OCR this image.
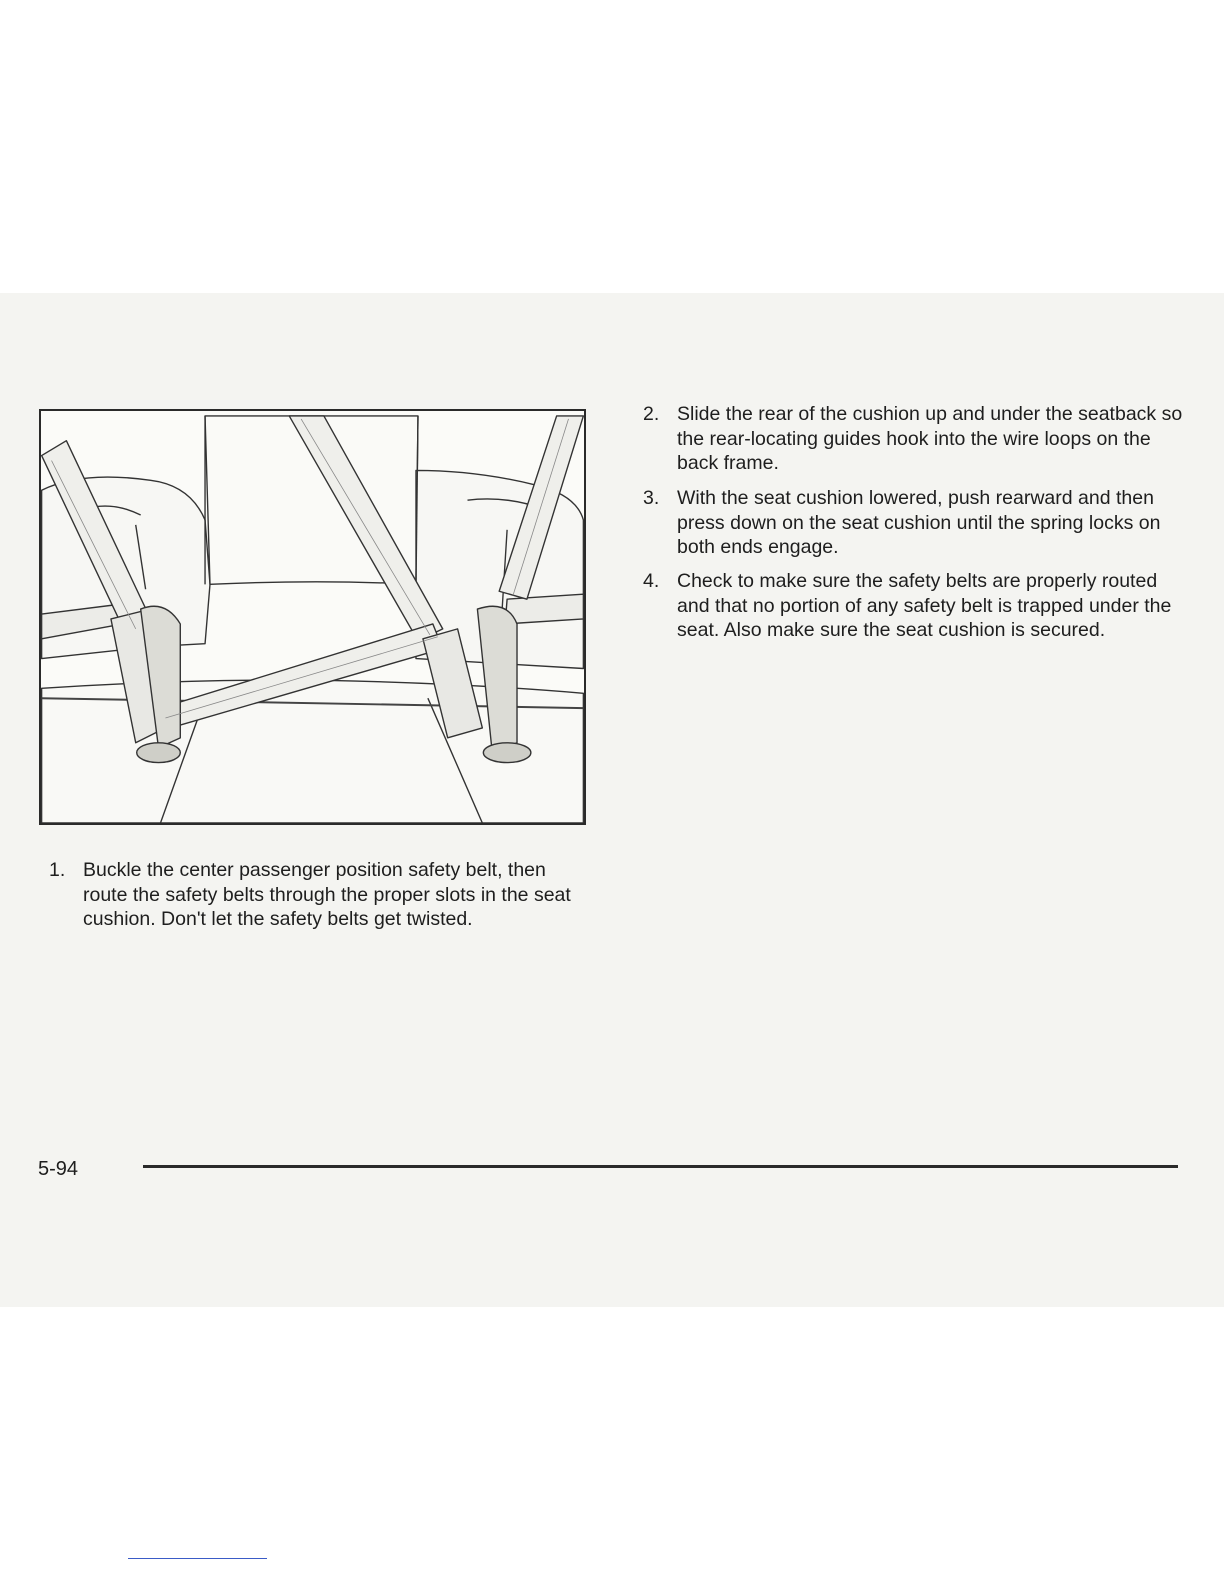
1. Buckle the center passenger position safety belt, then route the safety belts through the proper slots in the seat cushion. Don't let the safety belts get twisted.
2. Slide the rear of the cushion up and under the seatback so the rear-locating guides hook into the wire loops on the back frame.
3. With the seat cushion lowered, push rearward and then press down on the seat cushion until the spring locks on both ends engage.
4. Check to make sure the safety belts are properly routed and that no portion of any safety belt is trapped under the seat. Also make sure the seat cushion is secured.
5-94
